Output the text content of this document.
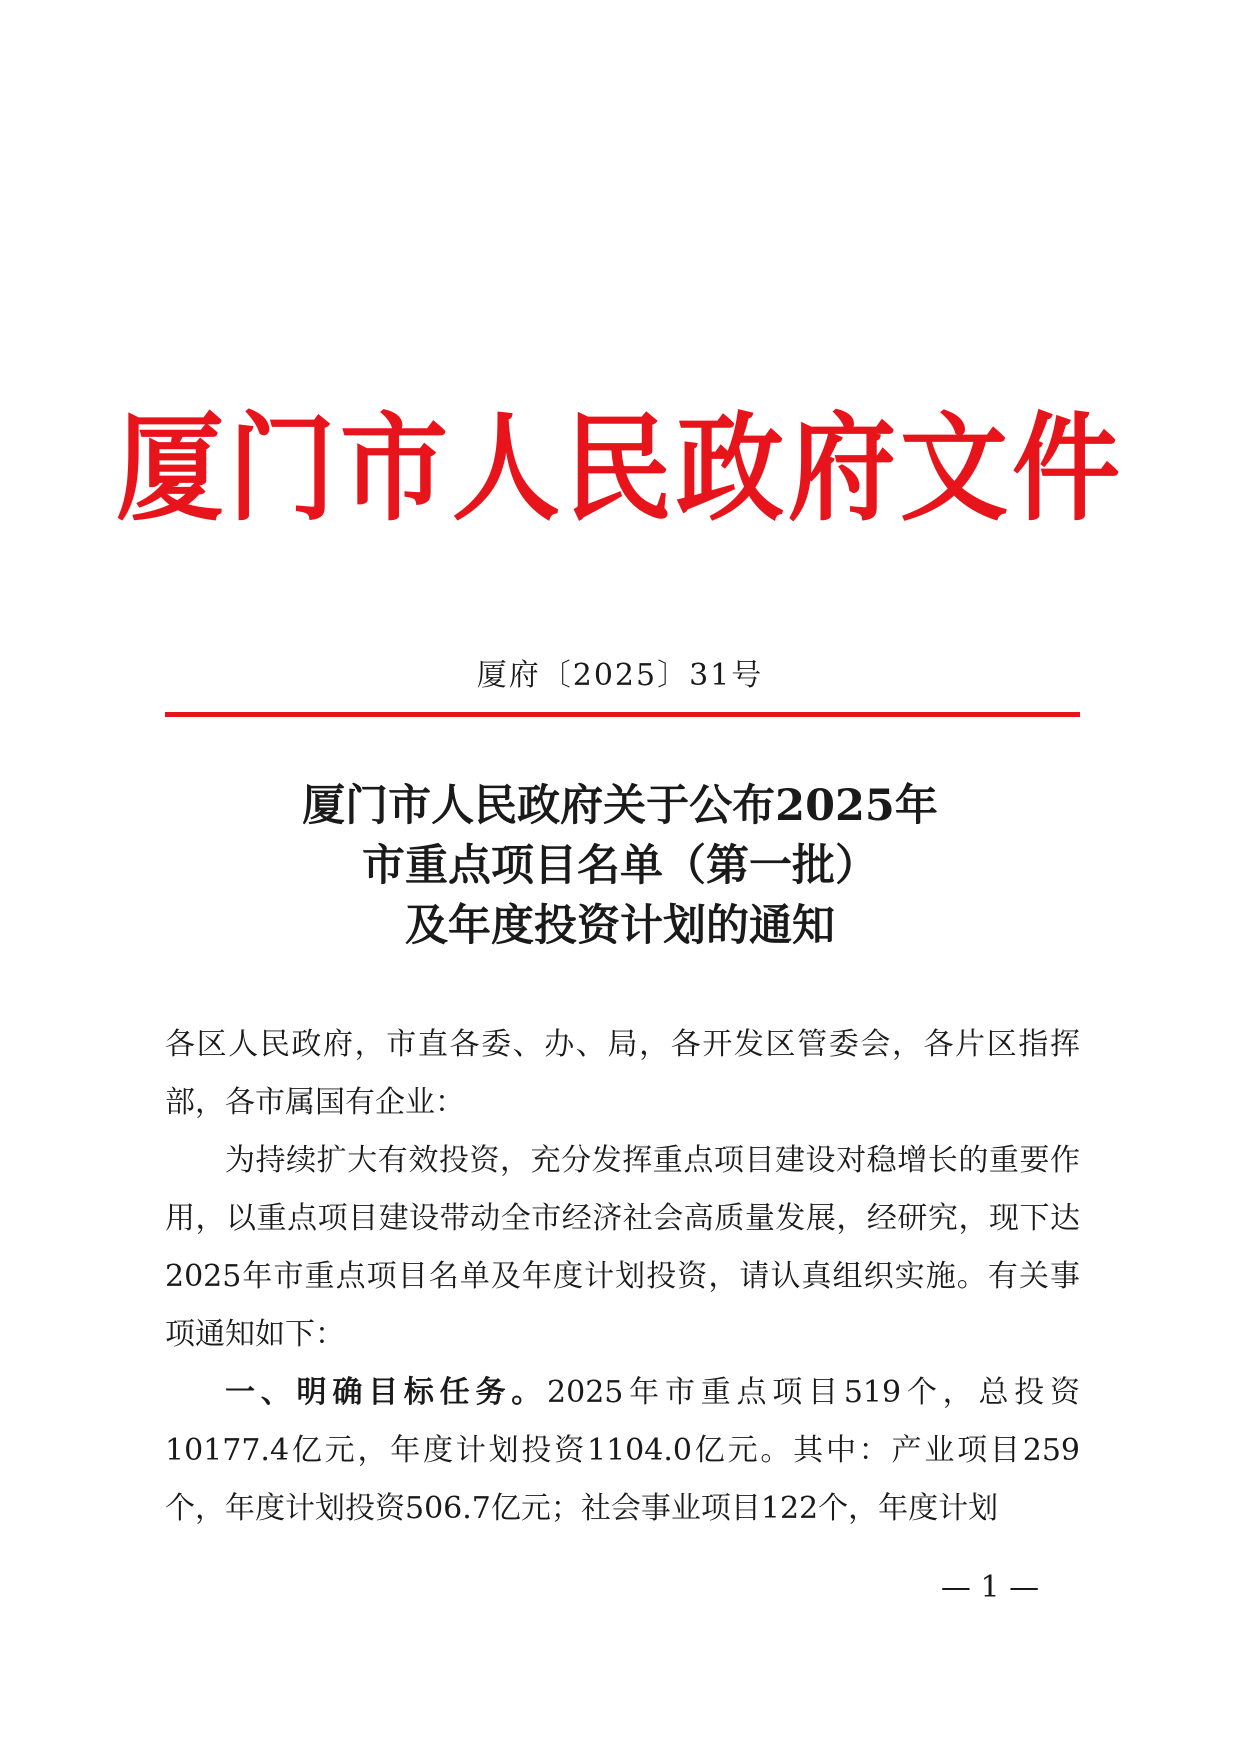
厦门市人民政府文件
厦府〔2025〕31号
厦门市人民政府关于公布2025年
市重点项目名单（第一批）
及年度投资计划的通知

各区人民政府，市直各委、办、局，各开发区管委会，各片区指挥部，各市属国有企业：

为持续扩大有效投资，充分发挥重点项目建设对稳增长的重要作用，以重点项目建设带动全市经济社会高质量发展，经研究，现下达2025年市重点项目名单及年度计划投资，请认真组织实施。有关事项通知如下：

一、明确目标任务。2025年市重点项目519个，总投资10177.4亿元，年度计划投资1104.0亿元。其中：产业项目259个，年度计划投资506.7亿元；社会事业项目122个，年度计划

— 1 —
